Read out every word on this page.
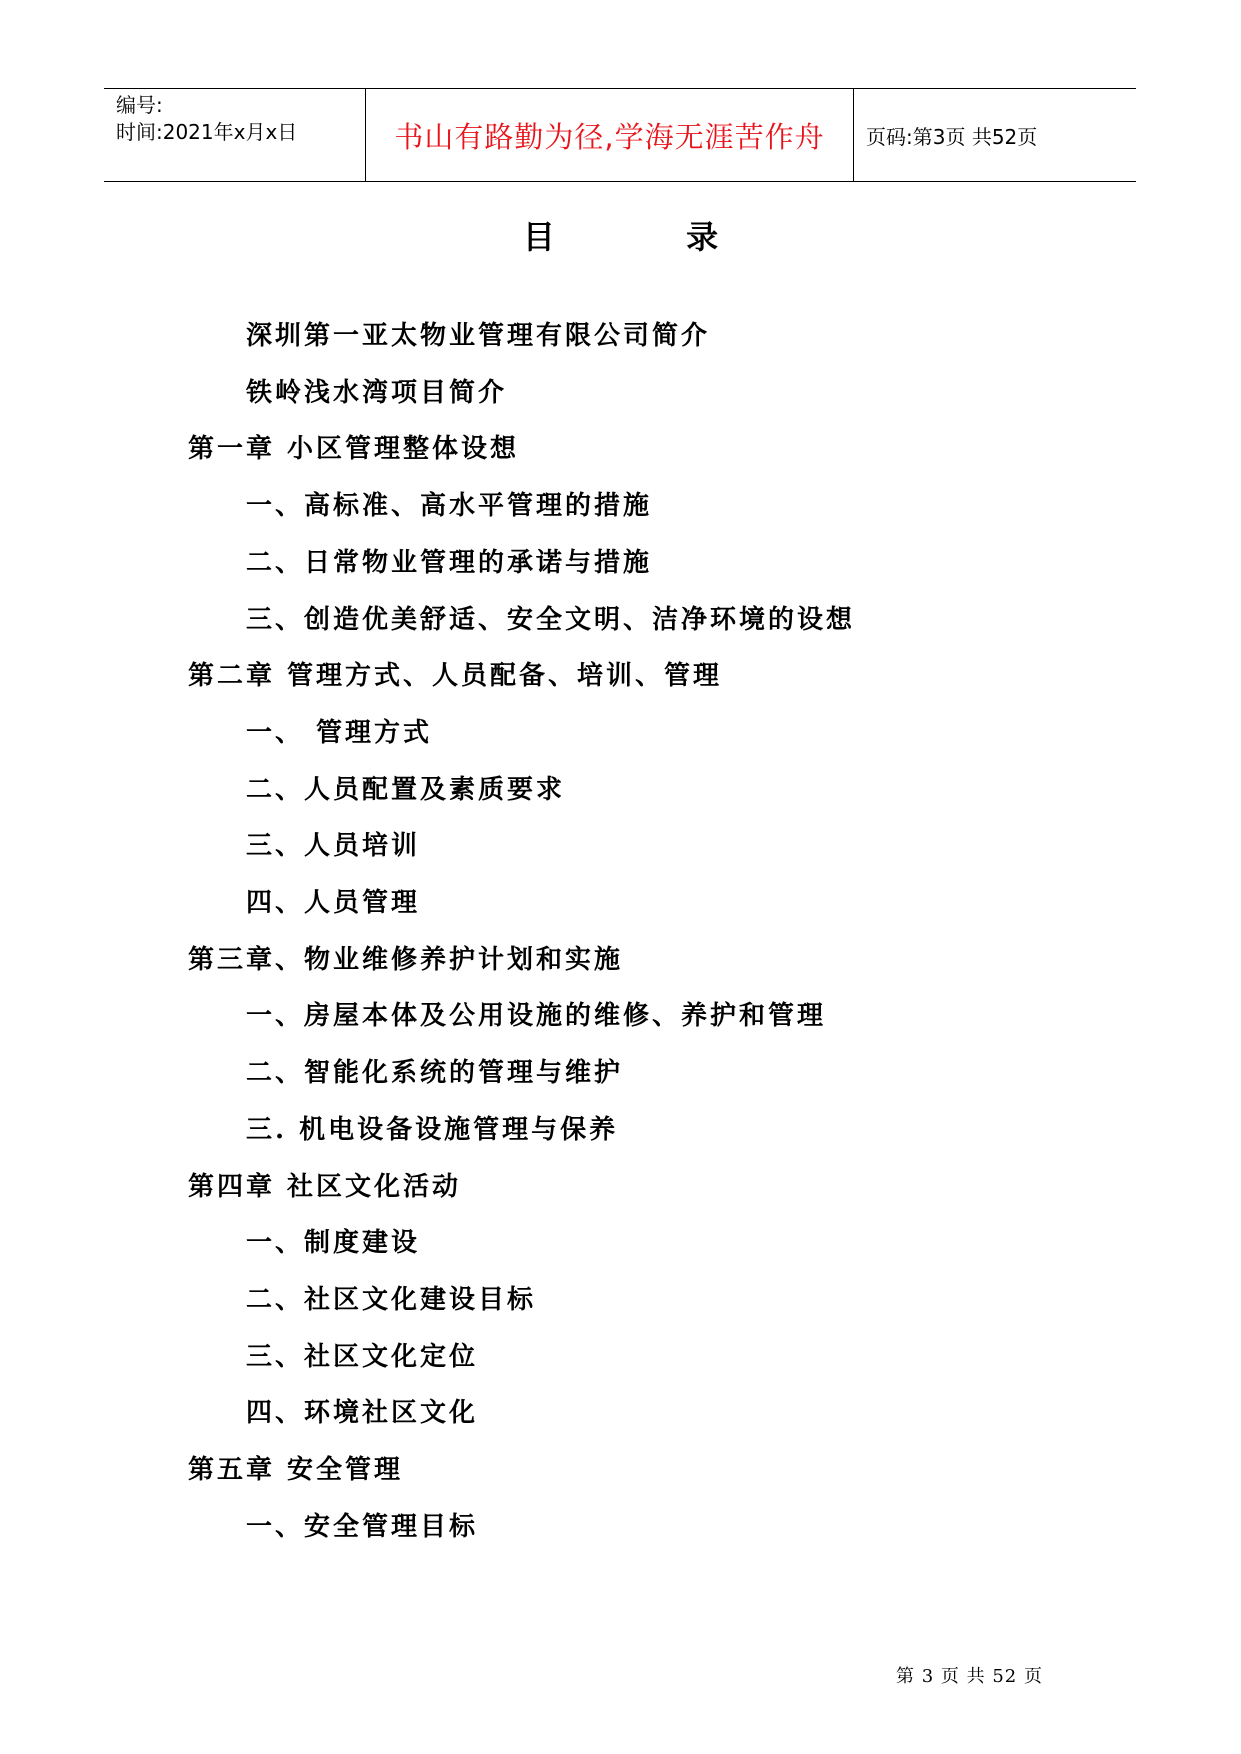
编号:
时间:2021年x月x日	书山有路勤为径,学海无涯苦作舟 页码:第3页 共52页
目 录
深圳第一亚太物业管理有限公司简介
铁岭浅水湾项目简介
第一章 小区管理整体设想
一、高标准、高水平管理的措施
二、日常物业管理的承诺与措施
三、创造优美舒适、安全文明、洁净环境的设想
第二章 管理方式、人员配备、培训、管理
一、 管理方式
二、人员配置及素质要求
三、人员培训
四、人员管理
第三章、物业维修养护计划和实施
一、房屋本体及公用设施的维修、养护和管理
二、智能化系统的管理与维护
三. 机电设备设施管理与保养
第四章 社区文化活动
一、制度建设
二、社区文化建设目标
三、社区文化定位
四、环境社区文化
第五章 安全管理
一、安全管理目标
第 3 页 共 52 页
